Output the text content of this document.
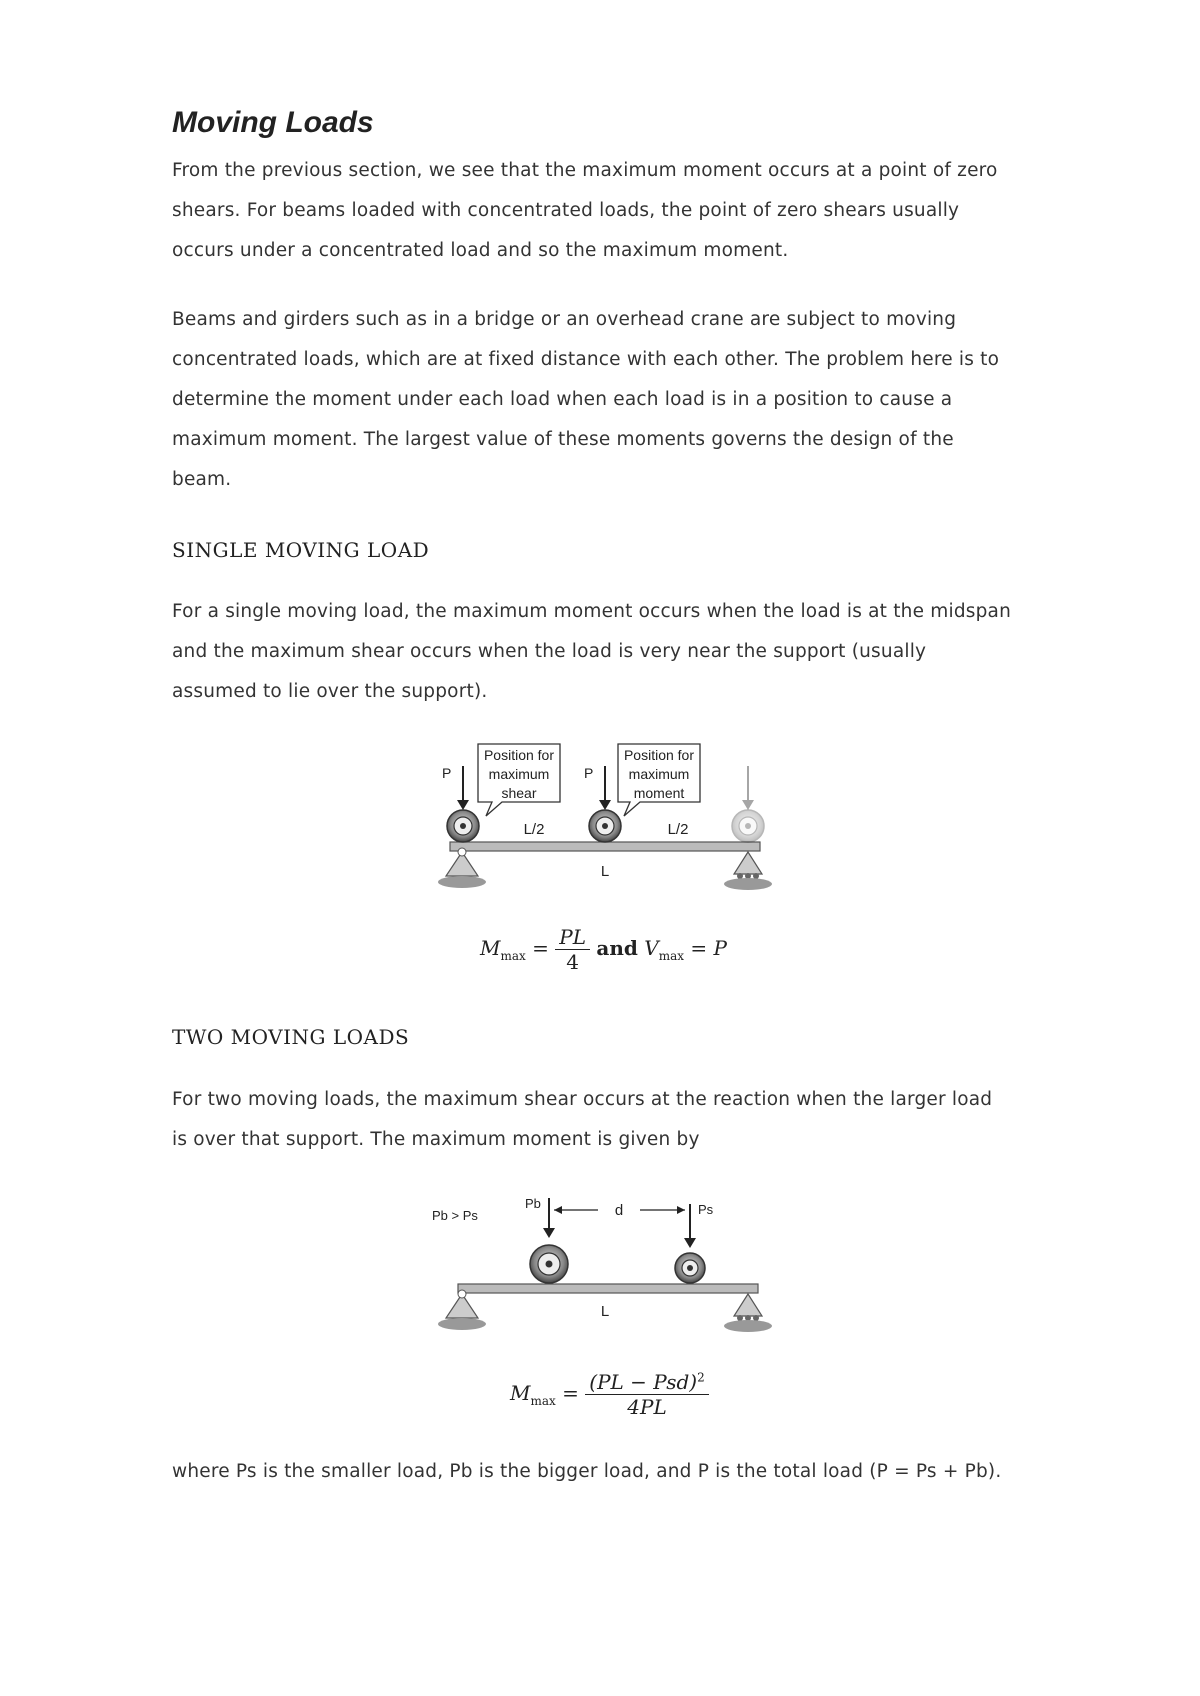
Moving Loads
From the previous section, we see that the maximum moment occurs at a point of zero
shears. For beams loaded with concentrated loads, the point of zero shears usually
occurs under a concentrated load and so the maximum moment.
Beams and girders such as in a bridge or an overhead crane are subject to moving
concentrated loads, which are at fixed distance with each other. The problem here is to
determine the moment under each load when each load is in a position to cause a
maximum moment. The largest value of these moments governs the design of the
beam.
SINGLE MOVING LOAD
For a single moving load, the maximum moment occurs when the load is at the midspan
and the maximum shear occurs when the load is very near the support (usually
assumed to lie over the support).
P	P
Position for
maximum
shear
Position for
maximum
moment
L/2	L/2
L
$M_{max} = \frac{PL}{4}$ and $V_{max} = P$
TWO MOVING LOADS
For two moving loads, the maximum shear occurs at the reaction when the larger load
is over that support. The maximum moment is given by
d
Pb > Ps
Pb	Ps
L
$M_{max} = \frac{(PL - Psd)^2}{4PL}$
where Ps is the smaller load, Pb is the bigger load, and P is the total load (P = Ps + Pb).
